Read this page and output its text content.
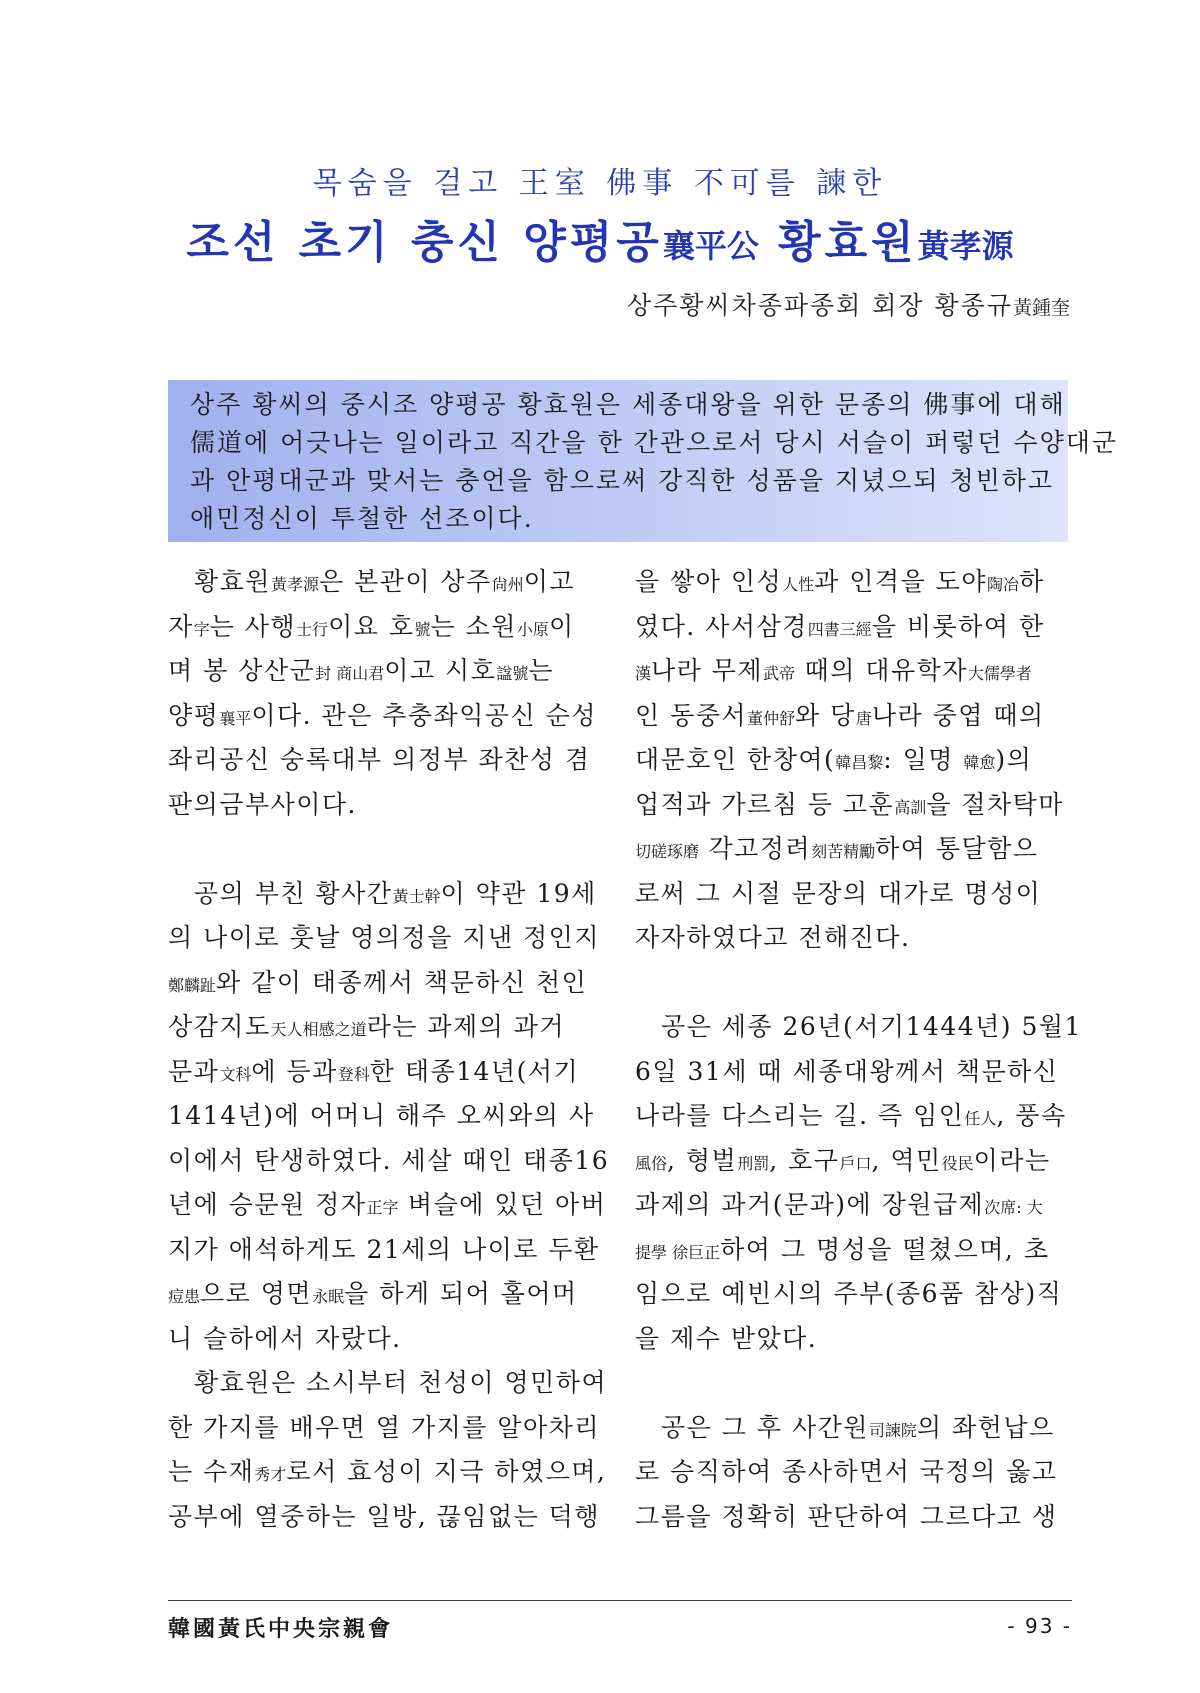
목숨을 걸고 王室 佛事 不可를 諫한
조선 초기 충신 양평공襄平公 황효원黃孝源
상주황씨차종파종회 회장 황종규黃鍾奎
상주 황씨의 중시조 양평공 황효원은 세종대왕을 위한 문종의 佛事에 대해
儒道에 어긋나는 일이라고 직간을 한 간관으로서 당시 서슬이 퍼렇던 수양대군
과 안평대군과 맞서는 충언을 함으로써 강직한 성품을 지녔으되 청빈하고
애민정신이 투철한 선조이다.
황효원黃孝源은 본관이 상주尙州이고
자字는 사행士行이요 호號는 소원小原이
며 봉 상산군封 商山君이고 시호諡號는
양평襄平이다. 관은 추충좌익공신 순성
좌리공신 숭록대부 의정부 좌찬성 겸
판의금부사이다.
공의 부친 황사간黃士幹이 약관 19세
의 나이로 훗날 영의정을 지낸 정인지
鄭麟趾와 같이 태종께서 책문하신 천인
상감지도天人相感之道라는 과제의 과거
문과文科에 등과登科한 태종14년(서기
1414년)에 어머니 해주 오씨와의 사
이에서 탄생하였다. 세살 때인 태종16
년에 승문원 정자正字 벼슬에 있던 아버
지가 애석하게도 21세의 나이로 두환
痘患으로 영면永眠을 하게 되어 홀어머
니 슬하에서 자랐다.
황효원은 소시부터 천성이 영민하여
한 가지를 배우면 열 가지를 알아차리
는 수재秀才로서 효성이 지극 하였으며,
공부에 열중하는 일방, 끊임없는 덕행
을 쌓아 인성人性과 인격을 도야陶冶하
였다. 사서삼경四書三經을 비롯하여 한
漢나라 무제武帝 때의 대유학자大儒學者
인 동중서董仲舒와 당唐나라 중엽 때의
대문호인 한창여(韓昌黎: 일명 韓愈)의
업적과 가르침 등 고훈高訓을 절차탁마
切磋琢磨 각고정려刻苦精勵하여 통달함으
로써 그 시절 문장의 대가로 명성이
자자하였다고 전해진다.
공은 세종 26년(서기1444년) 5월1
6일 31세 때 세종대왕께서 책문하신
나라를 다스리는 길. 즉 임인任人, 풍속
風俗, 형벌刑罰, 호구戶口, 역민役民이라는
과제의 과거(문과)에 장원급제次席: 大
提學 徐巨正하여 그 명성을 떨쳤으며, 초
임으로 예빈시의 주부(종6품 참상)직
을 제수 받았다.
공은 그 후 사간원司諫院의 좌헌납으
로 승직하여 종사하면서 국정의 옳고
그름을 정확히 판단하여 그르다고 생
韓國黃氏中央宗親會	- 93 -
